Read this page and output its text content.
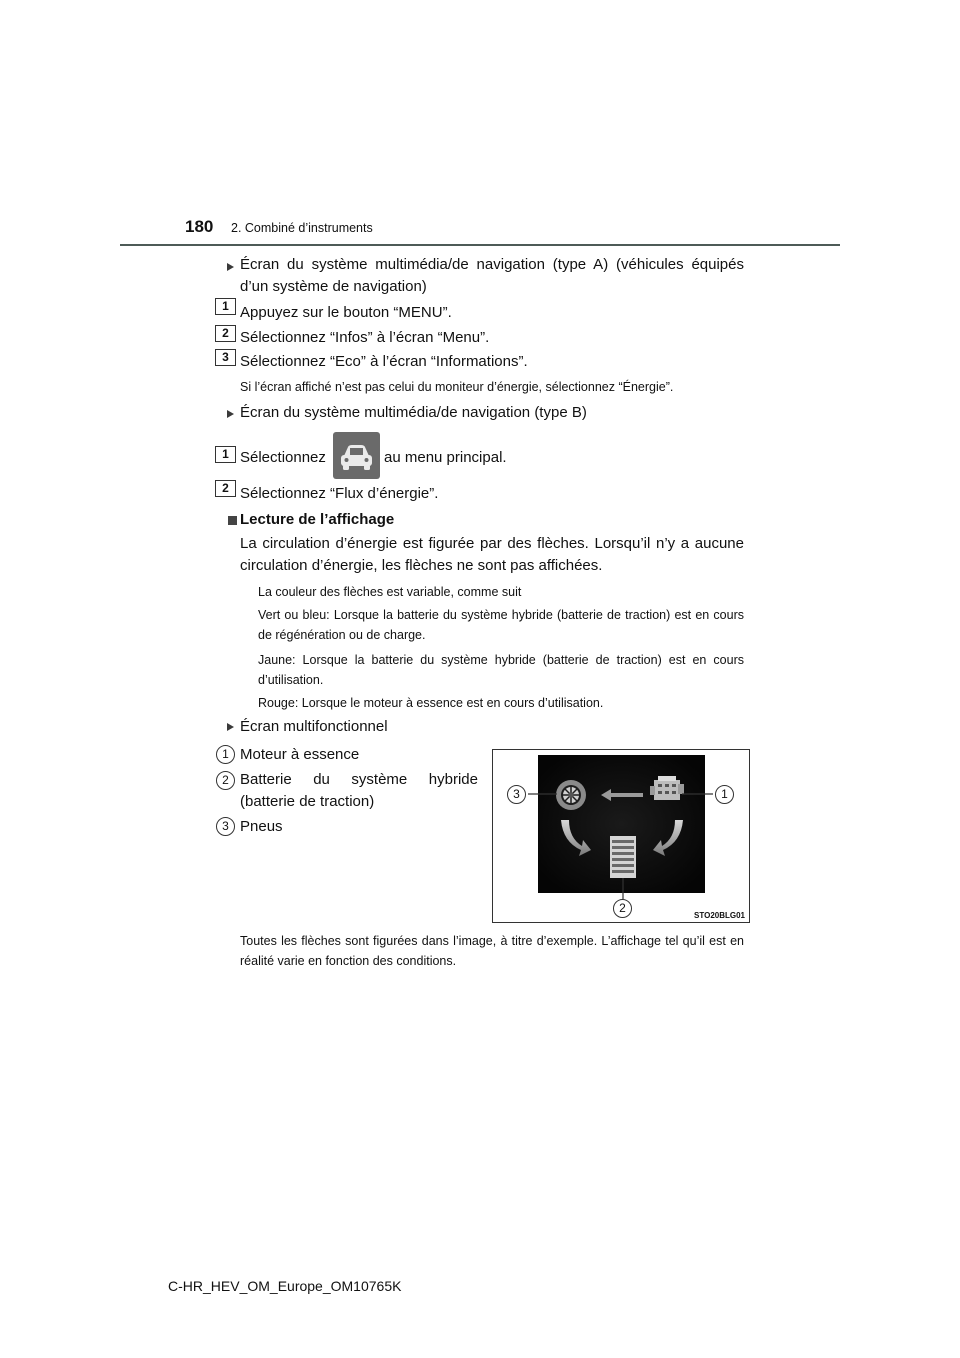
180 2. Combiné d’instruments
Écran du système multimédia/de navigation (type A) (véhicules équipés d’un système de navigation)
1 Appuyez sur le bouton “MENU”.
2 Sélectionnez “Infos” à l’écran “Menu”.
3 Sélectionnez “Eco” à l’écran “Informations”.
Si l’écran affiché n’est pas celui du moniteur d’énergie, sélectionnez “Énergie”.
Écran du système multimédia/de navigation (type B)
1 Sélectionnez	au menu principal.
2 Sélectionnez “Flux d’énergie”.
Lecture de l’affichage
La circulation d’énergie est figurée par des flèches. Lorsqu’il n’y a aucune circulation d’énergie, les flèches ne sont pas affichées.
La couleur des flèches est variable, comme suit
Vert ou bleu: Lorsque la batterie du système hybride (batterie de traction) est en cours de régénération ou de charge.
Jaune: Lorsque la batterie du système hybride (batterie de traction) est en cours d’utilisation.
Rouge: Lorsque le moteur à essence est en cours d’utilisation.
Écran multifonctionnel
1 Moteur à essence
2 Batterie du système hybride (batterie de traction)
3 Pneus
1
2
3
STO20BLG01
Toutes les flèches sont figurées dans l’image, à titre d’exemple. L’affichage tel qu’il est en réalité varie en fonction des conditions.
C-HR_HEV_OM_Europe_OM10765K
